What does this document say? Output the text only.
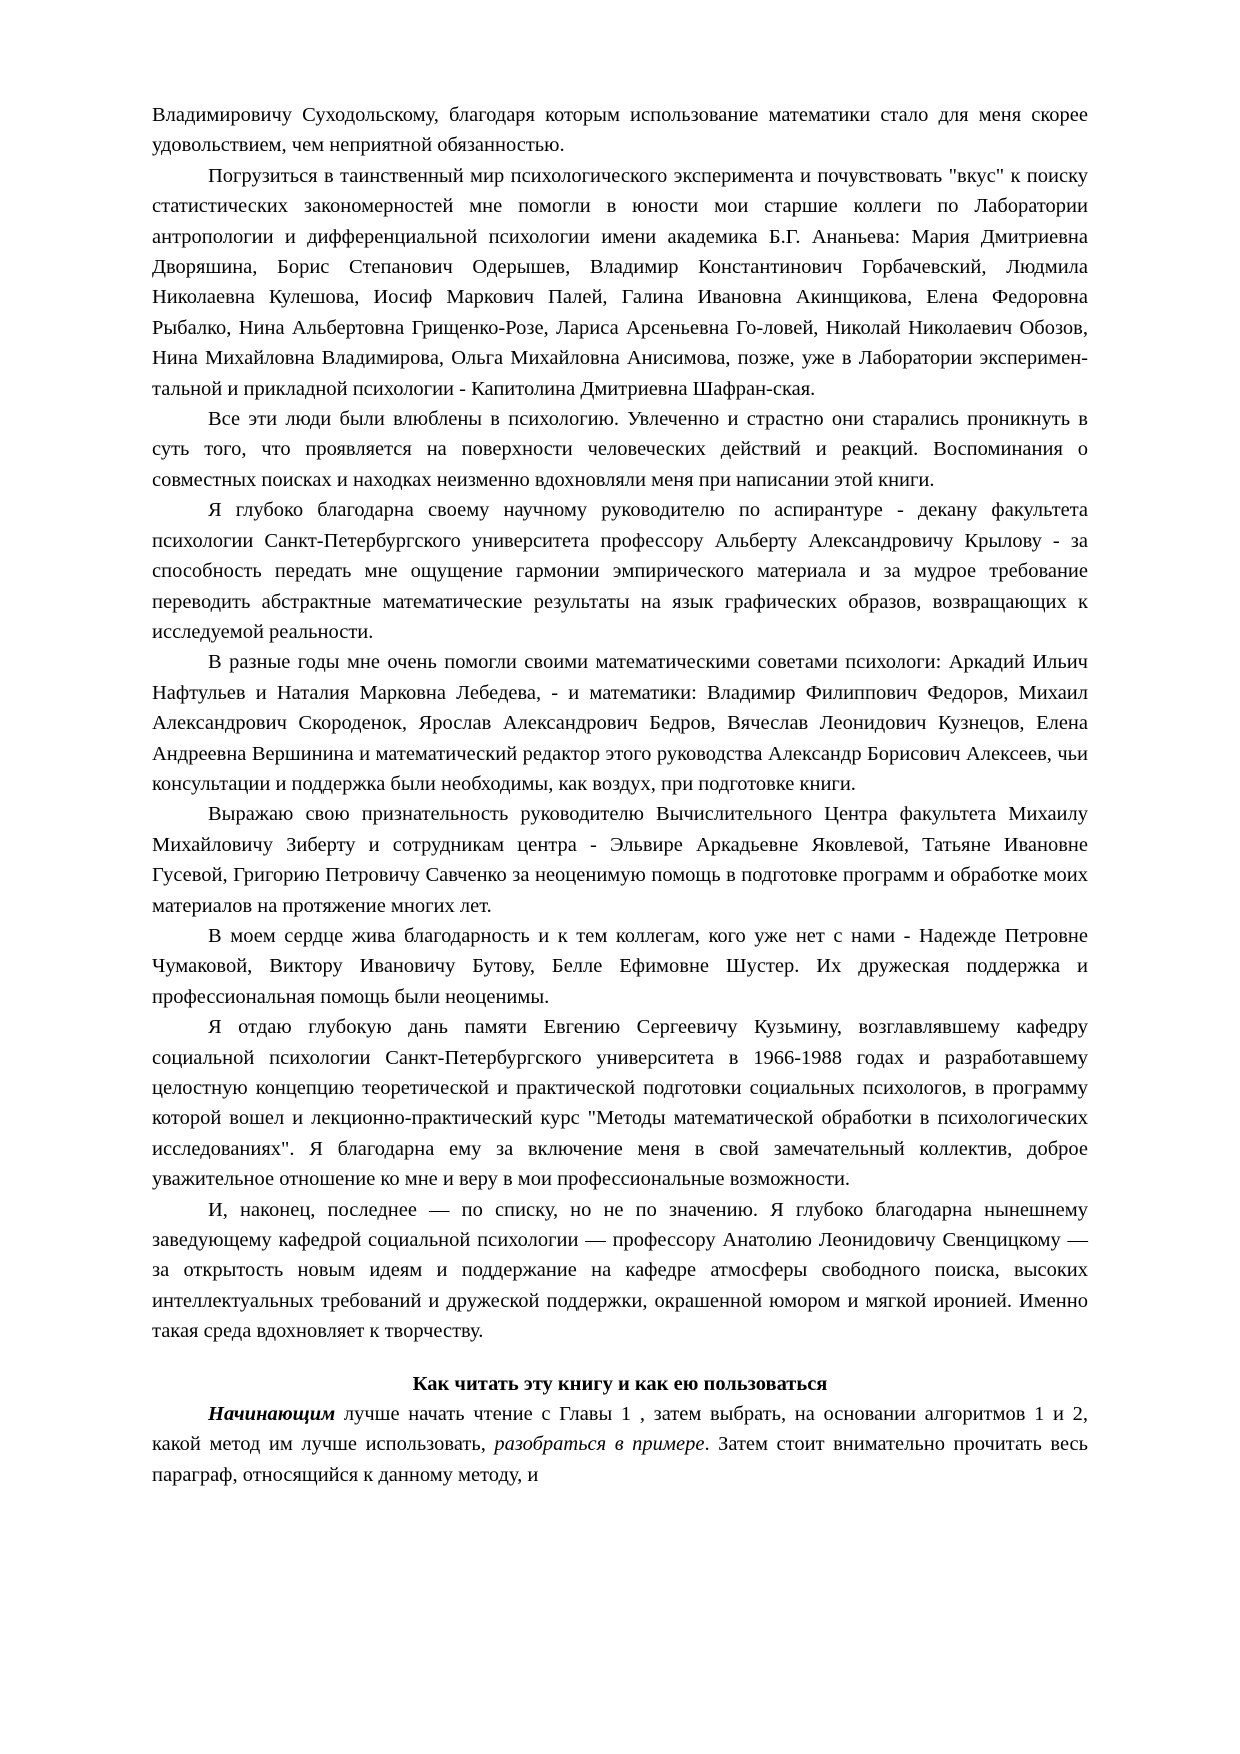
Владимировичу Суходольскому, благодаря которым использование математики стало для меня скорее удовольствием, чем неприятной обязанностью.

Погрузиться в таинственный мир психологического эксперимента и почувствовать "вкус" к поиску статистических закономерностей мне помогли в юности мои старшие коллеги по Лаборатории антропологии и дифференциальной психологии имени академика Б.Г. Ананьева: Мария Дмитриевна Дворяшина, Борис Степанович Одерышев, Владимир Константинович Горбачевский, Людмила Николаевна Кулешова, Иосиф Маркович Палей, Галина Ивановна Акинщикова, Елена Федоровна Рыбалко, Нина Альбертовна Грищенко-Розе, Лариса Арсеньевна Го-ловей, Николай Николаевич Обозов, Нина Михайловна Владимирова, Ольга Михайловна Анисимова, позже, уже в Лаборатории эксперимен-тальной и прикладной психологии - Капитолина Дмитриевна Шафран-ская.

Все эти люди были влюблены в психологию. Увлеченно и страстно они старались проникнуть в суть того, что проявляется на поверхности человеческих действий и реакций. Воспоминания о совместных поисках и находках неизменно вдохновляли меня при написании этой книги.

Я глубоко благодарна своему научному руководителю по аспирантуре - декану факультета психологии Санкт-Петербургского университета профессору Альберту Александровичу Крылову - за способность передать мне ощущение гармонии эмпирического материала и за мудрое требование переводить абстрактные математические результаты на язык графических образов, возвращающих к исследуемой реальности.

В разные годы мне очень помогли своими математическими советами психологи: Аркадий Ильич Нафтульев и Наталия Марковна Лебедева, - и математики: Владимир Филиппович Федоров, Михаил Александрович Скороденок, Ярослав Александрович Бедров, Вячеслав Леонидович Кузнецов, Елена Андреевна Вершинина и математический редактор этого руководства Александр Борисович Алексеев, чьи консультации и поддержка были необходимы, как воздух, при подготовке книги.

Выражаю свою признательность руководителю Вычислительного Центра факультета Михаилу Михайловичу Зиберту и сотрудникам центра - Эльвире Аркадьевне Яковлевой, Татьяне Ивановне Гусевой, Григорию Петровичу Савченко за неоценимую помощь в подготовке программ и обработке моих материалов на протяжение многих лет.

В моем сердце жива благодарность и к тем коллегам, кого уже нет с нами - Надежде Петровне Чумаковой, Виктору Ивановичу Бутову, Белле Ефимовне Шустер. Их дружеская поддержка и профессиональная помощь были неоценимы.

Я отдаю глубокую дань памяти Евгению Сергеевичу Кузьмину, возглавлявшему кафедру социальной психологии Санкт-Петербургского университета в 1966-1988 годах и разработавшему целостную концепцию теоретической и практической подготовки социальных психологов, в программу которой вошел и лекционно-практический курс "Методы математической обработки в психологических исследованиях". Я благодарна ему за включение меня в свой замечательный коллектив, доброе уважительное отношение ко мне и веру в мои профессиональные возможности.

И, наконец, последнее — по списку, но не по значению. Я глубоко благодарна нынешнему заведующему кафедрой социальной психологии — профессору Анатолию Леонидовичу Свенцицкому — за открытость новым идеям и поддержание на кафедре атмосферы свободного поиска, высоких интеллектуальных требований и дружеской поддержки, окрашенной юмором и мягкой иронией. Именно такая среда вдохновляет к творчеству.

Как читать эту книгу и как ею пользоваться

Начинающим лучше начать чтение с Главы 1 , затем выбрать, на основании алгоритмов 1 и 2, какой метод им лучше использовать, разобраться в примере. Затем стоит внимательно прочитать весь параграф, относящийся к данному методу, и
